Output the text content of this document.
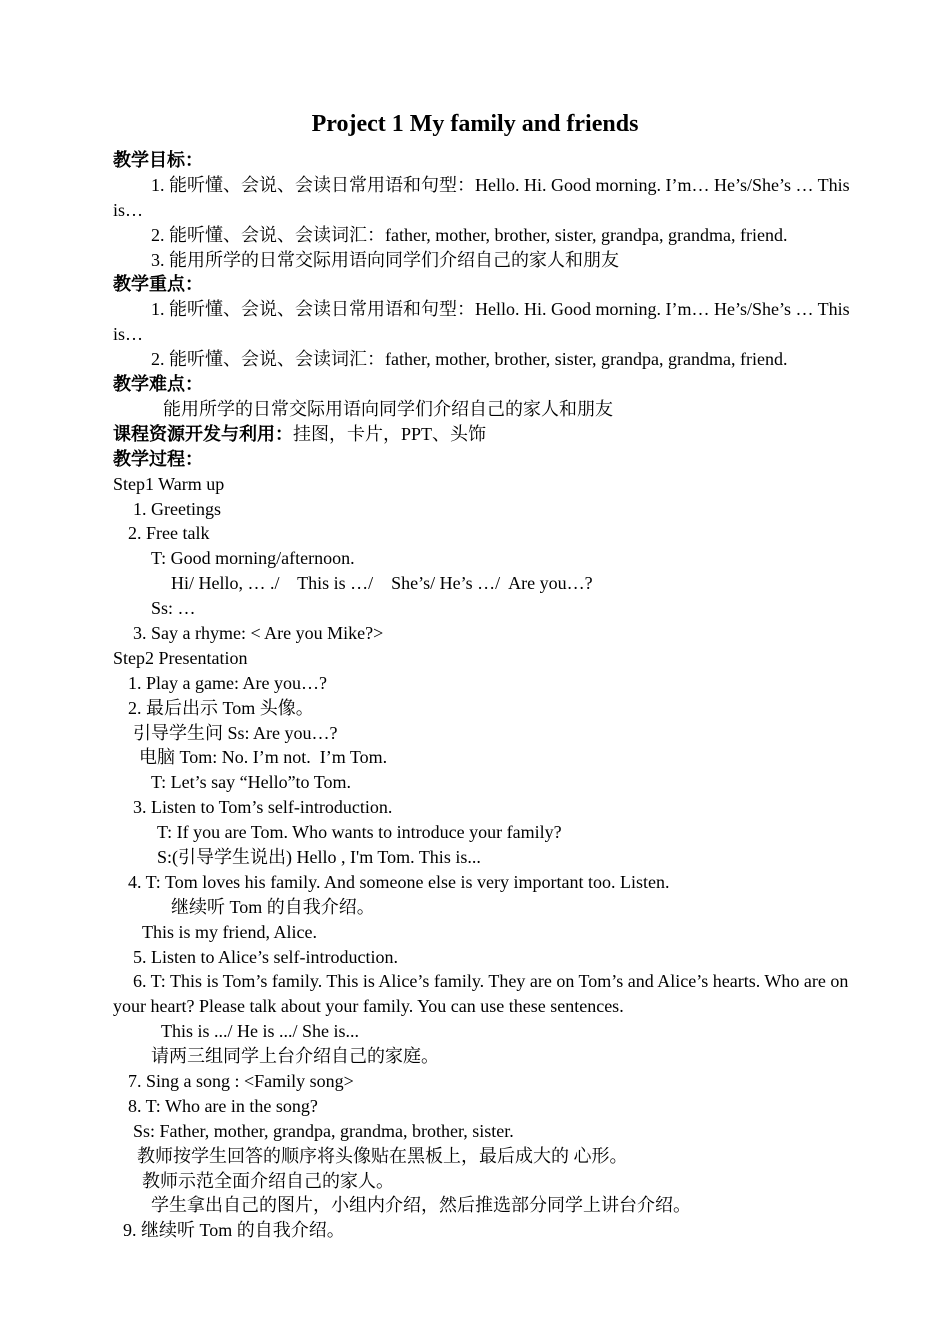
Project 1 My family and friends
教学目标：
1. 能听懂、会说、会读日常用语和句型：Hello. Hi. Good morning. I’m… He’s/She’s … This is…
2. 能听懂、会说、会读词汇：father, mother, brother, sister, grandpa, grandma, friend.
3. 能用所学的日常交际用语向同学们介绍自己的家人和朋友
教学重点：
1. 能听懂、会说、会读日常用语和句型：Hello. Hi. Good morning. I’m… He’s/She’s … This is…
2. 能听懂、会说、会读词汇：father, mother, brother, sister, grandpa, grandma, friend.
教学难点：
能用所学的日常交际用语向同学们介绍自己的家人和朋友
课程资源开发与利用：挂图，卡片，PPT、头饰
教学过程：
Step1 Warm up
1. Greetings
2. Free talk
T: Good morning/afternoon.
Hi/ Hello, … ./    This is …/    She’s/ He’s …/  Are you…?
Ss: …
3. Say a rhyme: < Are you Mike?>
Step2 Presentation
1. Play a game: Are you…?
2. 最后出示 Tom 头像。
引导学生问 Ss: Are you…?
电脑 Tom: No. I’m not.  I’m Tom.
T: Let’s say “Hello”to Tom.
3. Listen to Tom’s self-introduction.
T: If you are Tom. Who wants to introduce your family?
S:(引导学生说出) Hello , I'm Tom. This is...
4. T: Tom loves his family. And someone else is very important too. Listen.
继续听 Tom 的自我介绍。
This is my friend, Alice.
5. Listen to Alice’s self-introduction.
6. T: This is Tom’s family. This is Alice’s family. They are on Tom’s and Alice’s hearts. Who are on your heart? Please talk about your family. You can use these sentences.
This is .../ He is .../ She is...
请两三组同学上台介绍自己的家庭。
7. Sing a song : <Family song>
8. T: Who are in the song?
Ss: Father, mother, grandpa, grandma, brother, sister.
教师按学生回答的顺序将头像贴在黑板上，最后成大的 心形。
教师示范全面介绍自己的家人。
学生拿出自己的图片，小组内介绍，然后推选部分同学上讲台介绍。
9. 继续听 Tom 的自我介绍。
